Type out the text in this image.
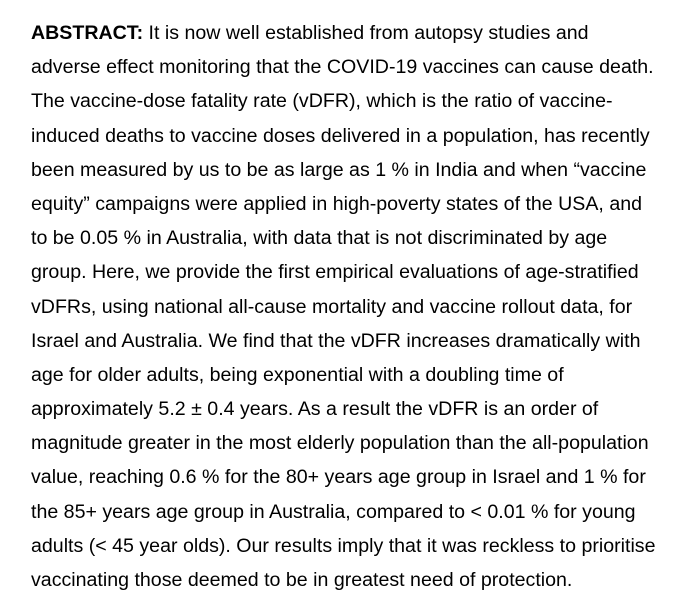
ABSTRACT: It is now well established from autopsy studies and
adverse effect monitoring that the COVID-19 vaccines can cause death.
The vaccine-dose fatality rate (vDFR), which is the ratio of vaccine-
induced deaths to vaccine doses delivered in a population, has recently
been measured by us to be as large as 1 % in India and when “vaccine
equity” campaigns were applied in high-poverty states of the USA, and
to be 0.05 % in Australia, with data that is not discriminated by age
group. Here, we provide the first empirical evaluations of age-stratified
vDFRs, using national all-cause mortality and vaccine rollout data, for
Israel and Australia. We find that the vDFR increases dramatically with
age for older adults, being exponential with a doubling time of
approximately 5.2 ± 0.4 years. As a result the vDFR is an order of
magnitude greater in the most elderly population than the all-population
value, reaching 0.6 % for the 80+ years age group in Israel and 1 % for
the 85+ years age group in Australia, compared to < 0.01 % for young
adults (< 45 year olds). Our results imply that it was reckless to prioritise
vaccinating those deemed to be in greatest need of protection.
